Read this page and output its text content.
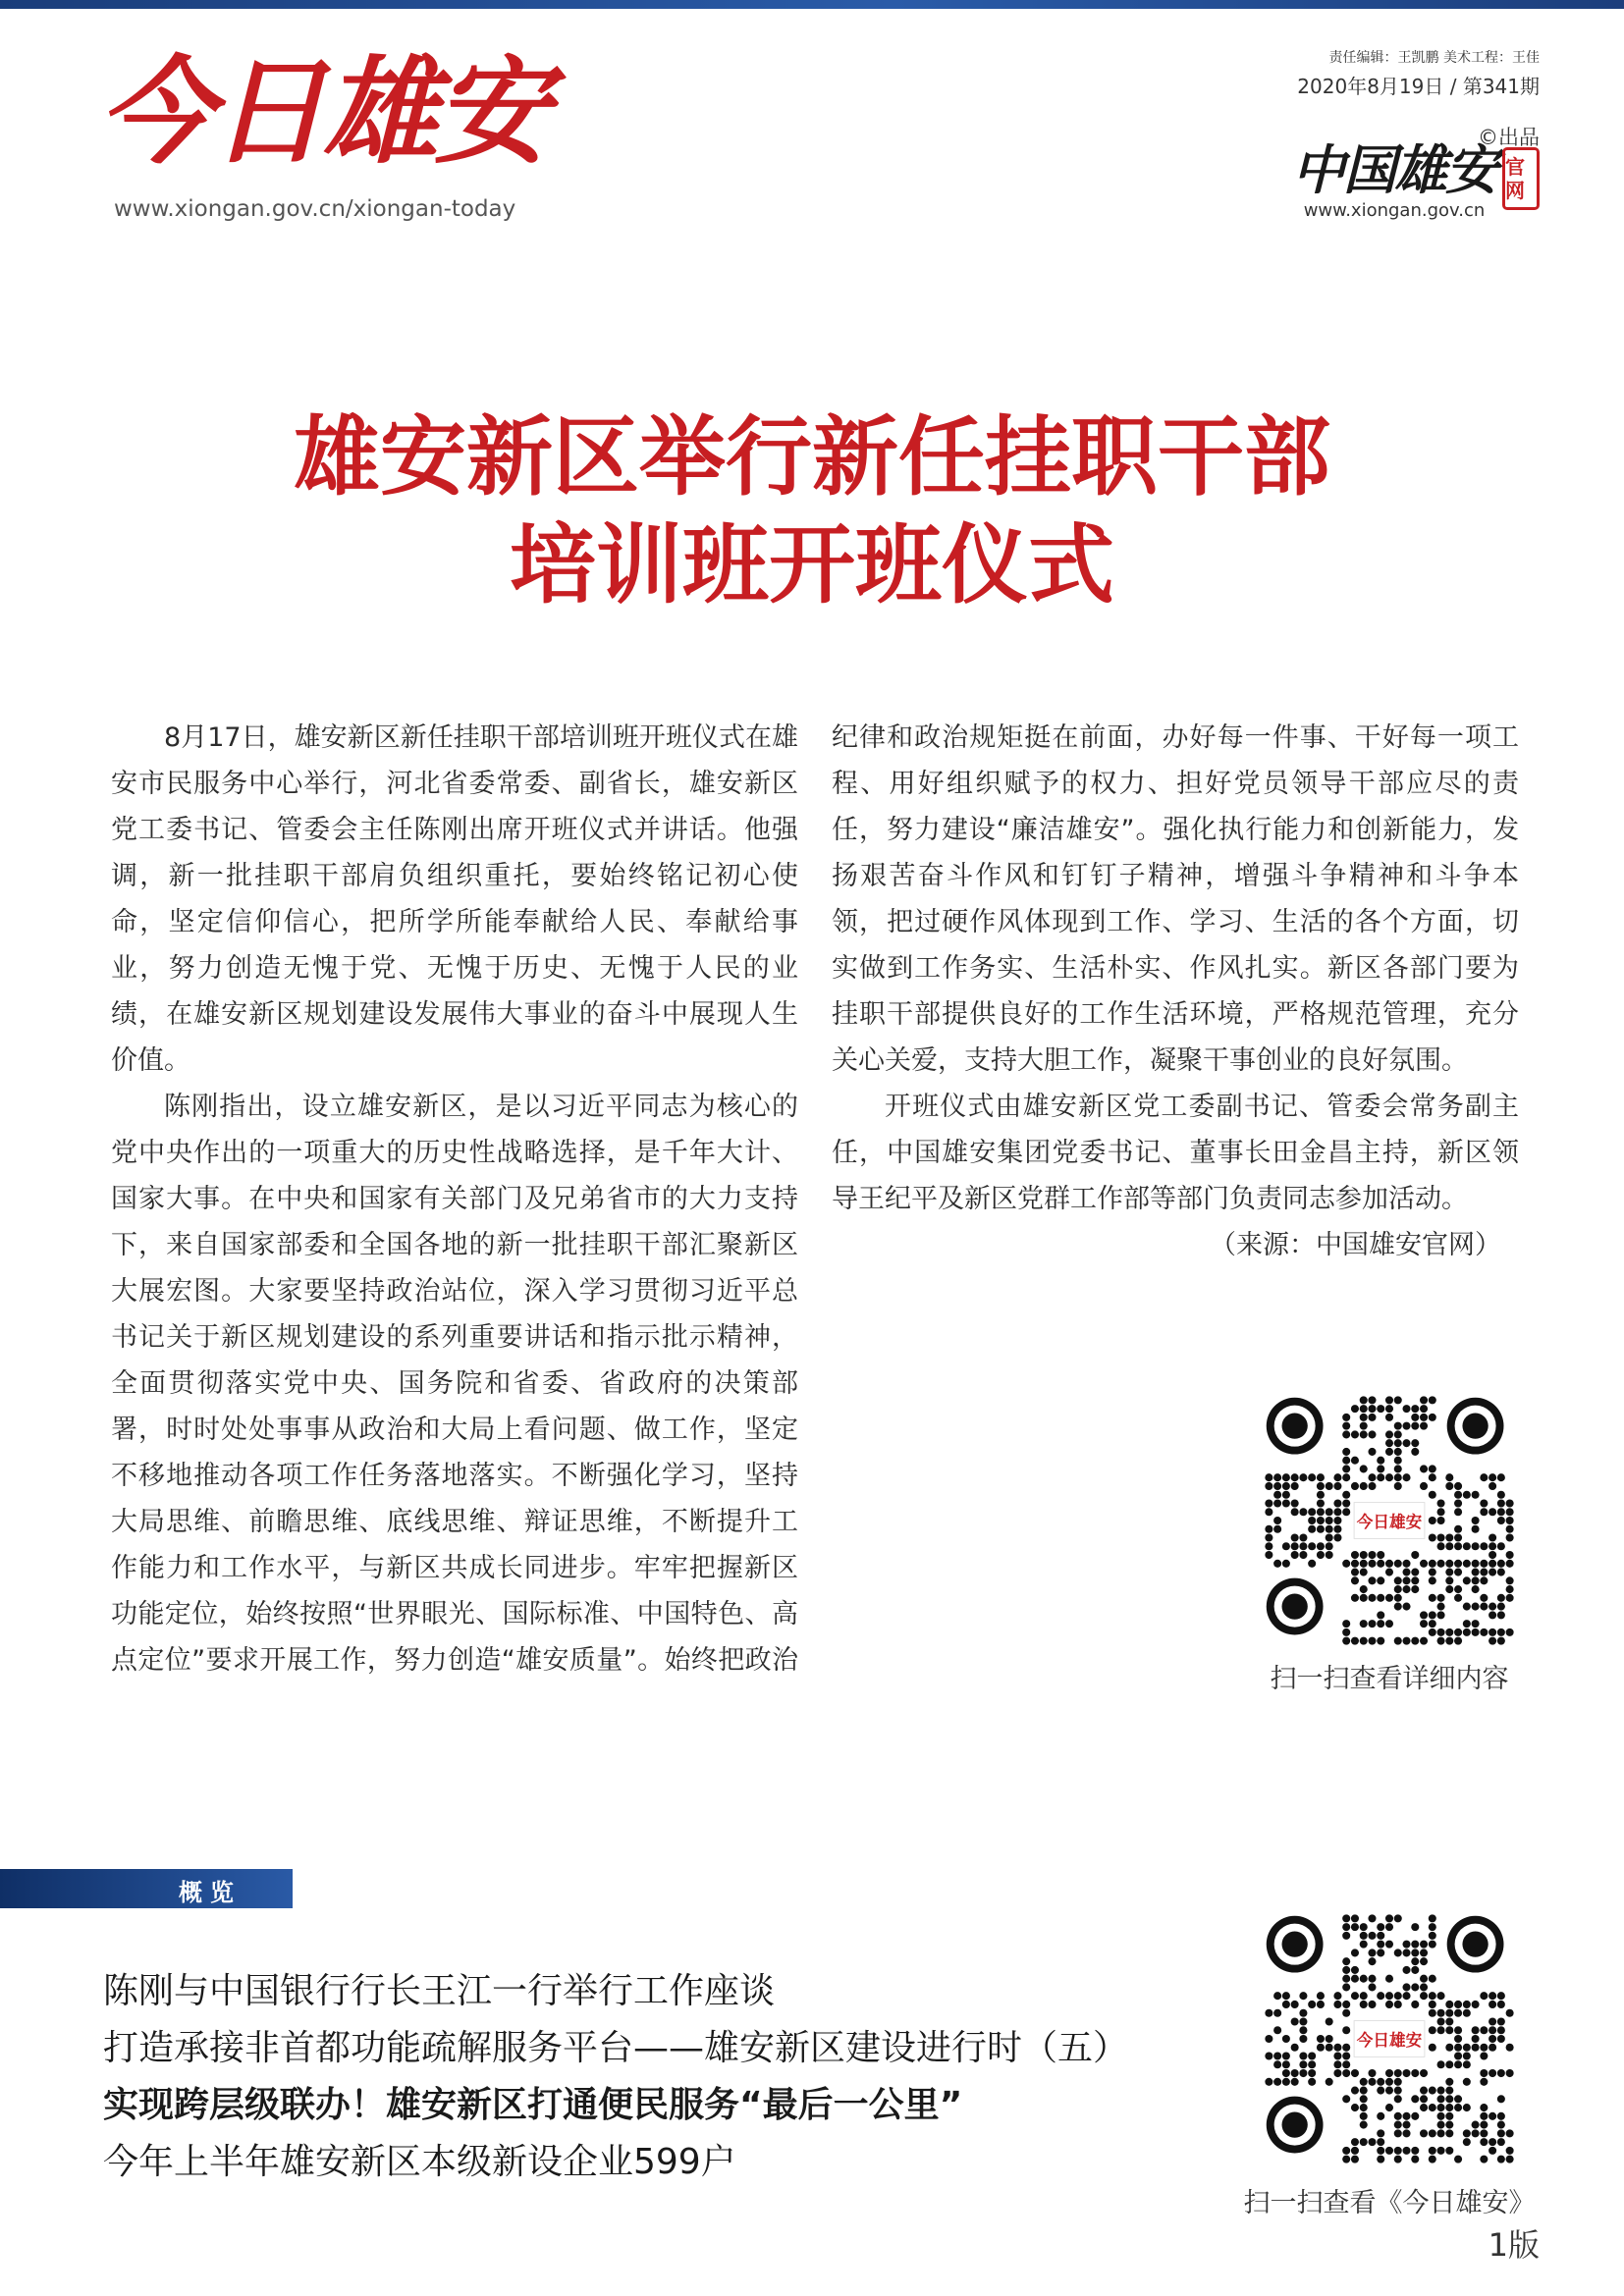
今日雄安
www.xiongan.gov.cn/xiongan-today
责任编辑：王凯鹏 美术工程：王佳
2020年8月19日 / 第341期
©出品
中国雄安
www.xiongan.gov.cn
官网
雄安新区举行新任挂职干部
培训班开班仪式

8月17日，雄安新区新任挂职干部培训班开班仪式在雄安市民服务中心举行，河北省委常委、副省长，雄安新区党工委书记、管委会主任陈刚出席开班仪式并讲话。他强调，新一批挂职干部肩负组织重托，要始终铭记初心使命，坚定信仰信心，把所学所能奉献给人民、奉献给事业，努力创造无愧于党、无愧于历史、无愧于人民的业绩，在雄安新区规划建设发展伟大事业的奋斗中展现人生价值。

陈刚指出，设立雄安新区，是以习近平同志为核心的党中央作出的一项重大的历史性战略选择，是千年大计、国家大事。在中央和国家有关部门及兄弟省市的大力支持下，来自国家部委和全国各地的新一批挂职干部汇聚新区大展宏图。大家要坚持政治站位，深入学习贯彻习近平总书记关于新区规划建设的系列重要讲话和指示批示精神，全面贯彻落实党中央、国务院和省委、省政府的决策部署，时时处处事事从政治和大局上看问题、做工作，坚定不移地推动各项工作任务落地落实。不断强化学习，坚持大局思维、前瞻思维、底线思维、辩证思维，不断提升工作能力和工作水平，与新区共成长同进步。牢牢把握新区功能定位，始终按照“世界眼光、国际标准、中国特色、高点定位”要求开展工作，努力创造“雄安质量”。始终把政治纪律和政治规矩挺在前面，办好每一件事、干好每一项工程、用好组织赋予的权力、担好党员领导干部应尽的责任，努力建设“廉洁雄安”。强化执行能力和创新能力，发扬艰苦奋斗作风和钉钉子精神，增强斗争精神和斗争本领，把过硬作风体现到工作、学习、生活的各个方面，切实做到工作务实、生活朴实、作风扎实。新区各部门要为挂职干部提供良好的工作生活环境，严格规范管理，充分关心关爱，支持大胆工作，凝聚干事创业的良好氛围。

开班仪式由雄安新区党工委副书记、管委会常务副主任，中国雄安集团党委书记、董事长田金昌主持，新区领导王纪平及新区党群工作部等部门负责同志参加活动。

（来源：中国雄安官网）

今日雄安
扫一扫查看详细内容
概览
陈刚与中国银行行长王江一行举行工作座谈
打造承接非首都功能疏解服务平台——雄安新区建设进行时（五）
实现跨层级联办！雄安新区打通便民服务“最后一公里”
今年上半年雄安新区本级新设企业599户
今日雄安
扫一扫查看《今日雄安》
1版
